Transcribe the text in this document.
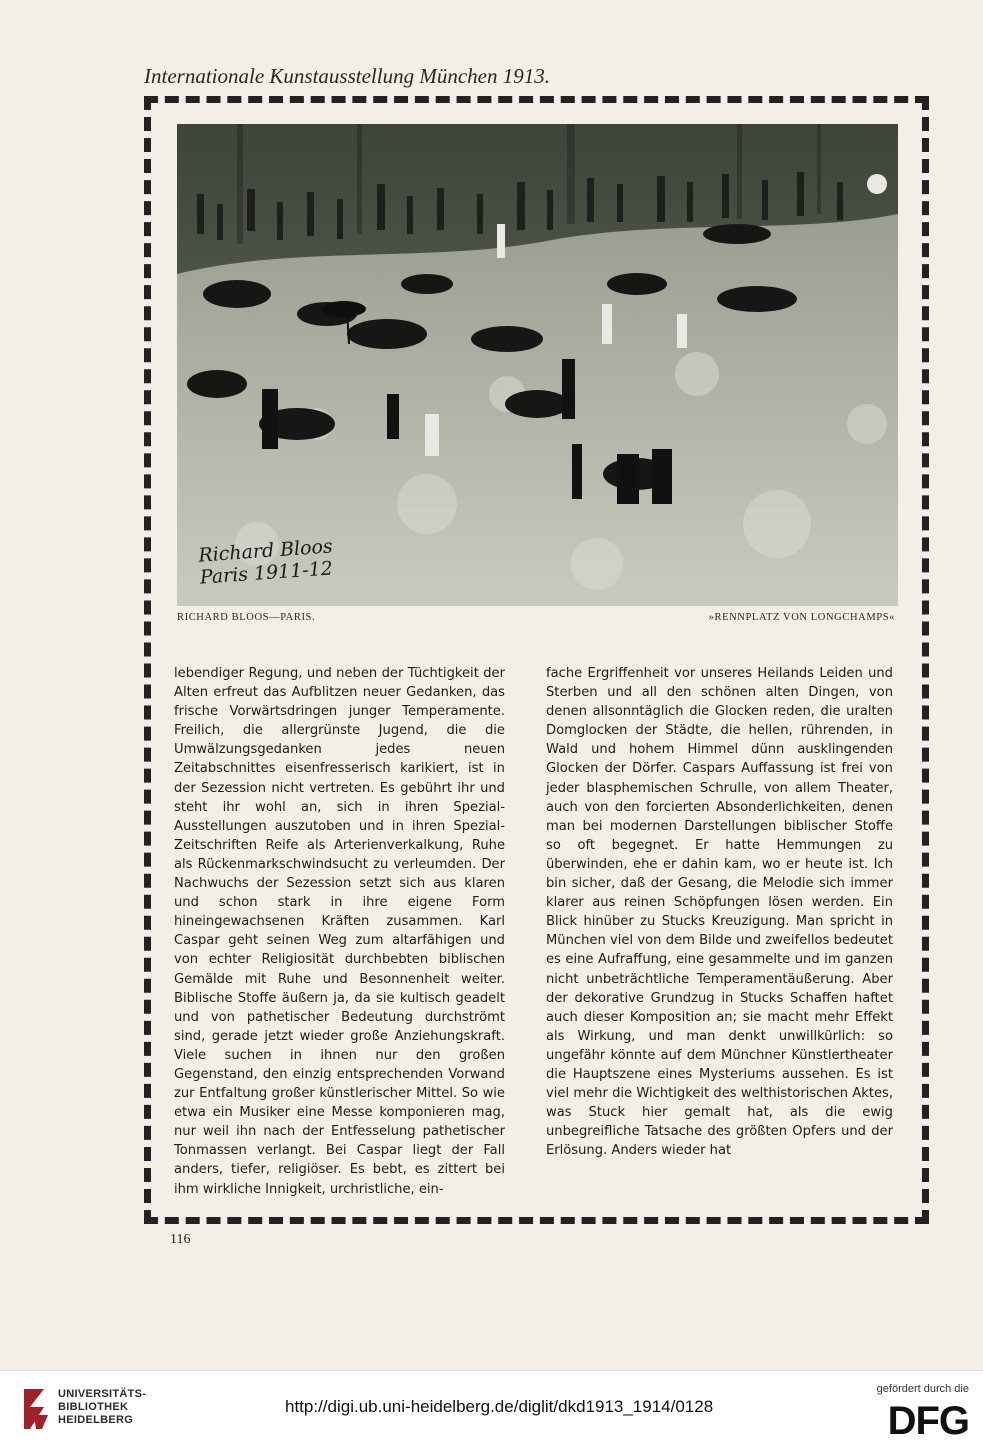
Internationale Kunstausstellung München 1913.
Richard Bloos
Paris 1911-12
RICHARD BLOOS—PARIS.	»RENNPLATZ VON LONGCHAMPS«

lebendiger Regung, und neben der Tüchtigkeit der Alten erfreut das Aufblitzen neuer Gedanken, das frische Vorwärtsdringen junger Temperamente. Freilich, die allergrünste Jugend, die die Umwälzungsgedanken jedes neuen Zeitabschnittes eisenfresserisch karikiert, ist in der Sezession nicht vertreten. Es gebührt ihr und steht ihr wohl an, sich in ihren Spezial-Ausstellungen auszutoben und in ihren Spezial-Zeitschriften Reife als Arterienverkalkung, Ruhe als Rückenmarkschwindsucht zu verleumden. Der Nachwuchs der Sezession setzt sich aus klaren und schon stark in ihre eigene Form hineingewachsenen Kräften zusammen. Karl Caspar geht seinen Weg zum altarfähigen und von echter Religiosität durchbebten biblischen Gemälde mit Ruhe und Besonnenheit weiter. Biblische Stoffe äußern ja, da sie kultisch geadelt und von pathetischer Bedeutung durchströmt sind, gerade jetzt wieder große Anziehungskraft. Viele suchen in ihnen nur den großen Gegenstand, den einzig entsprechenden Vorwand zur Entfaltung großer künstlerischer Mittel. So wie etwa ein Musiker eine Messe komponieren mag, nur weil ihn nach der Entfesselung pathetischer Tonmassen verlangt. Bei Caspar liegt der Fall anders, tiefer, religiöser. Es bebt, es zittert bei ihm wirkliche Innigkeit, urchristliche, ein-

fache Ergriffenheit vor unseres Heilands Leiden und Sterben und all den schönen alten Dingen, von denen allsonntäglich die Glocken reden, die uralten Domglocken der Städte, die hellen, rührenden, in Wald und hohem Himmel dünn ausklingenden Glocken der Dörfer. Caspars Auffassung ist frei von jeder blasphemischen Schrulle, von allem Theater, auch von den forcierten Absonderlichkeiten, denen man bei modernen Darstellungen biblischer Stoffe so oft begegnet. Er hatte Hemmungen zu überwinden, ehe er dahin kam, wo er heute ist. Ich bin sicher, daß der Gesang, die Melodie sich immer klarer aus reinen Schöpfungen lösen werden. Ein Blick hinüber zu Stucks Kreuzigung. Man spricht in München viel von dem Bilde und zweifellos bedeutet es eine Aufraffung, eine gesammelte und im ganzen nicht unbeträchtliche Temperamentäußerung. Aber der dekorative Grundzug in Stucks Schaffen haftet auch dieser Komposition an; sie macht mehr Effekt als Wirkung, und man denkt unwillkürlich: so ungefähr könnte auf dem Münchner Künstlertheater die Hauptszene eines Mysteriums aussehen. Es ist viel mehr die Wichtigkeit des welthistorischen Aktes, was Stuck hier gemalt hat, als die ewig unbegreifliche Tatsache des größten Opfers und der Erlösung. Anders wieder hat

116
UNIVERSITÄTS-
BIBLIOTHEK
HEIDELBERG
http://digi.ub.uni-heidelberg.de/diglit/dkd1913_1914/0128
gefördert durch die
DFG
